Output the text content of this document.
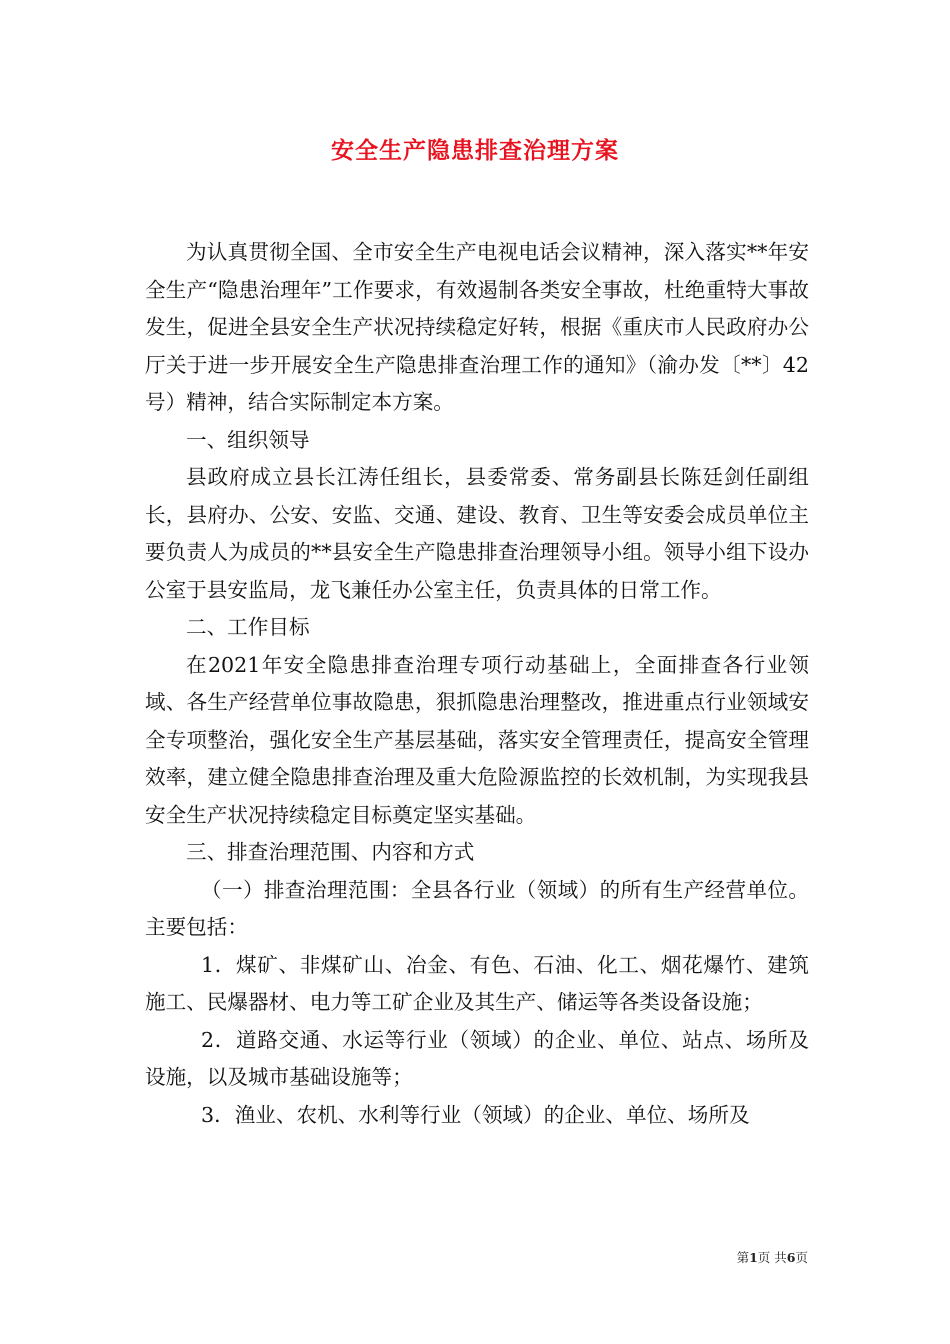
安全生产隐患排查治理方案

为认真贯彻全国、全市安全生产电视电话会议精神，深入落实**年安全生产“隐患治理年”工作要求，有效遏制各类安全事故，杜绝重特大事故发生，促进全县安全生产状况持续稳定好转，根据《重庆市人民政府办公厅关于进一步开展安全生产隐患排查治理工作的通知》（渝办发〔**〕42号）精神，结合实际制定本方案。

一、组织领导

县政府成立县长江涛任组长，县委常委、常务副县长陈廷剑任副组长，县府办、公安、安监、交通、建设、教育、卫生等安委会成员单位主要负责人为成员的**县安全生产隐患排查治理领导小组。领导小组下设办公室于县安监局，龙飞兼任办公室主任，负责具体的日常工作。

二、工作目标

在2021年安全隐患排查治理专项行动基础上，全面排查各行业领域、各生产经营单位事故隐患，狠抓隐患治理整改，推进重点行业领域安全专项整治，强化安全生产基层基础，落实安全管理责任，提高安全管理效率，建立健全隐患排查治理及重大危险源监控的长效机制，为实现我县安全生产状况持续稳定目标奠定坚实基础。

三、排查治理范围、内容和方式

（一）排查治理范围：全县各行业（领域）的所有生产经营单位。主要包括：

1．煤矿、非煤矿山、冶金、有色、石油、化工、烟花爆竹、建筑施工、民爆器材、电力等工矿企业及其生产、储运等各类设备设施；

2．道路交通、水运等行业（领域）的企业、单位、站点、场所及设施，以及城市基础设施等；

3．渔业、农机、水利等行业（领域）的企业、单位、场所及

第1页 共6页
